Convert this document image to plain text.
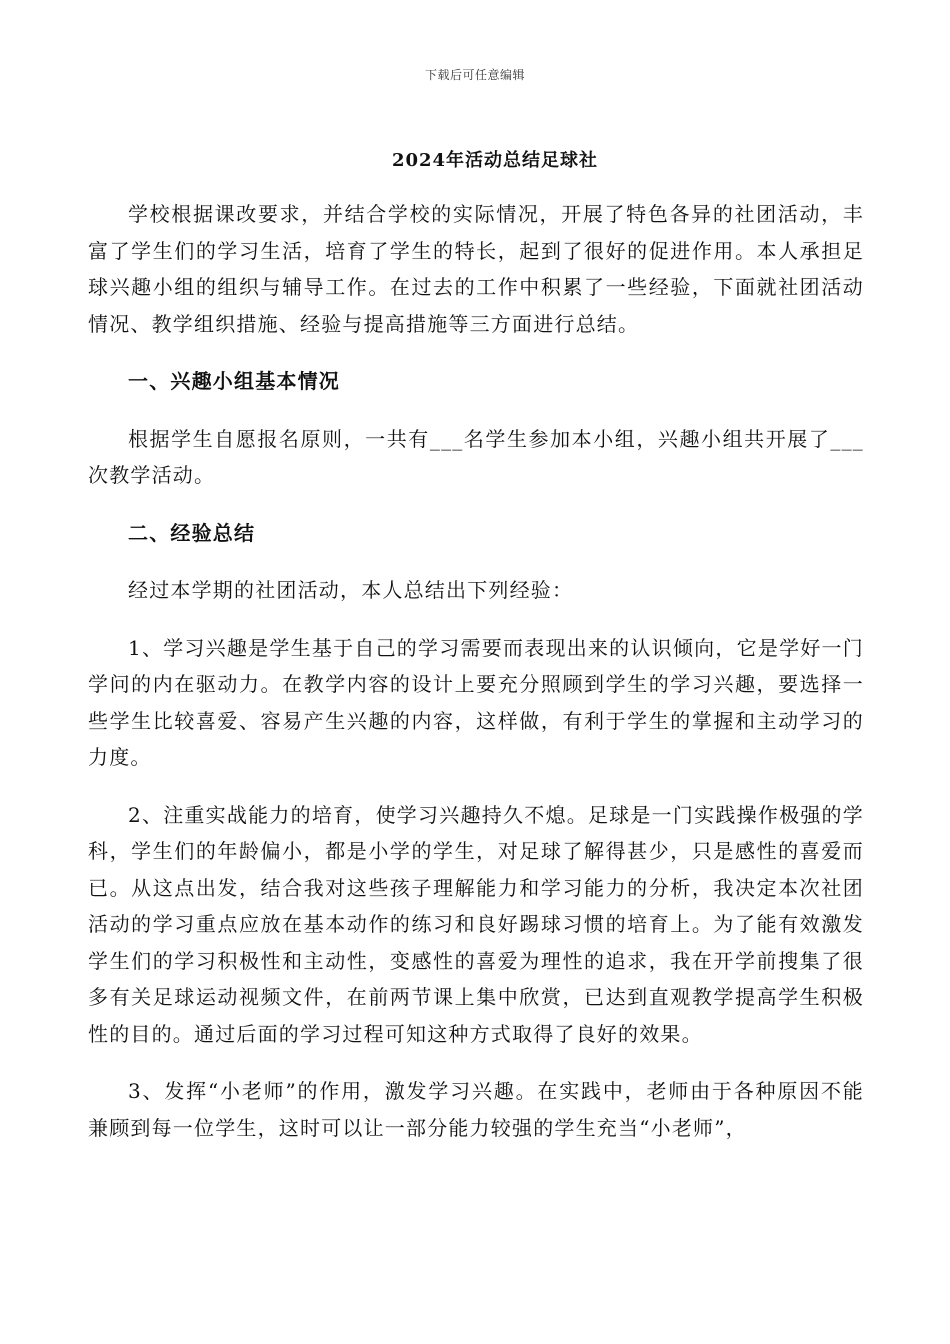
下载后可任意编辑
2024年活动总结足球社

学校根据课改要求，并结合学校的实际情况，开展了特色各异的社团活动，丰富了学生们的学习生活，培育了学生的特长，起到了很好的促进作用。本人承担足球兴趣小组的组织与辅导工作。在过去的工作中积累了一些经验，下面就社团活动情况、教学组织措施、经验与提高措施等三方面进行总结。

一、兴趣小组基本情况

根据学生自愿报名原则，一共有___名学生参加本小组，兴趣小组共开展了___次教学活动。

二、经验总结

经过本学期的社团活动，本人总结出下列经验：

1、学习兴趣是学生基于自己的学习需要而表现出来的认识倾向，它是学好一门学问的内在驱动力。在教学内容的设计上要充分照顾到学生的学习兴趣，要选择一些学生比较喜爱、容易产生兴趣的内容，这样做，有利于学生的掌握和主动学习的力度。

2、注重实战能力的培育，使学习兴趣持久不熄。足球是一门实践操作极强的学科，学生们的年龄偏小，都是小学的学生，对足球了解得甚少，只是感性的喜爱而已。从这点出发，结合我对这些孩子理解能力和学习能力的分析，我决定本次社团活动的学习重点应放在基本动作的练习和良好踢球习惯的培育上。为了能有效激发学生们的学习积极性和主动性，变感性的喜爱为理性的追求，我在开学前搜集了很多有关足球运动视频文件，在前两节课上集中欣赏，已达到直观教学提高学生积极性的目的。通过后面的学习过程可知这种方式取得了良好的效果。

3、发挥“小老师”的作用，激发学习兴趣。在实践中，老师由于各种原因不能兼顾到每一位学生，这时可以让一部分能力较强的学生充当“小老师”，
